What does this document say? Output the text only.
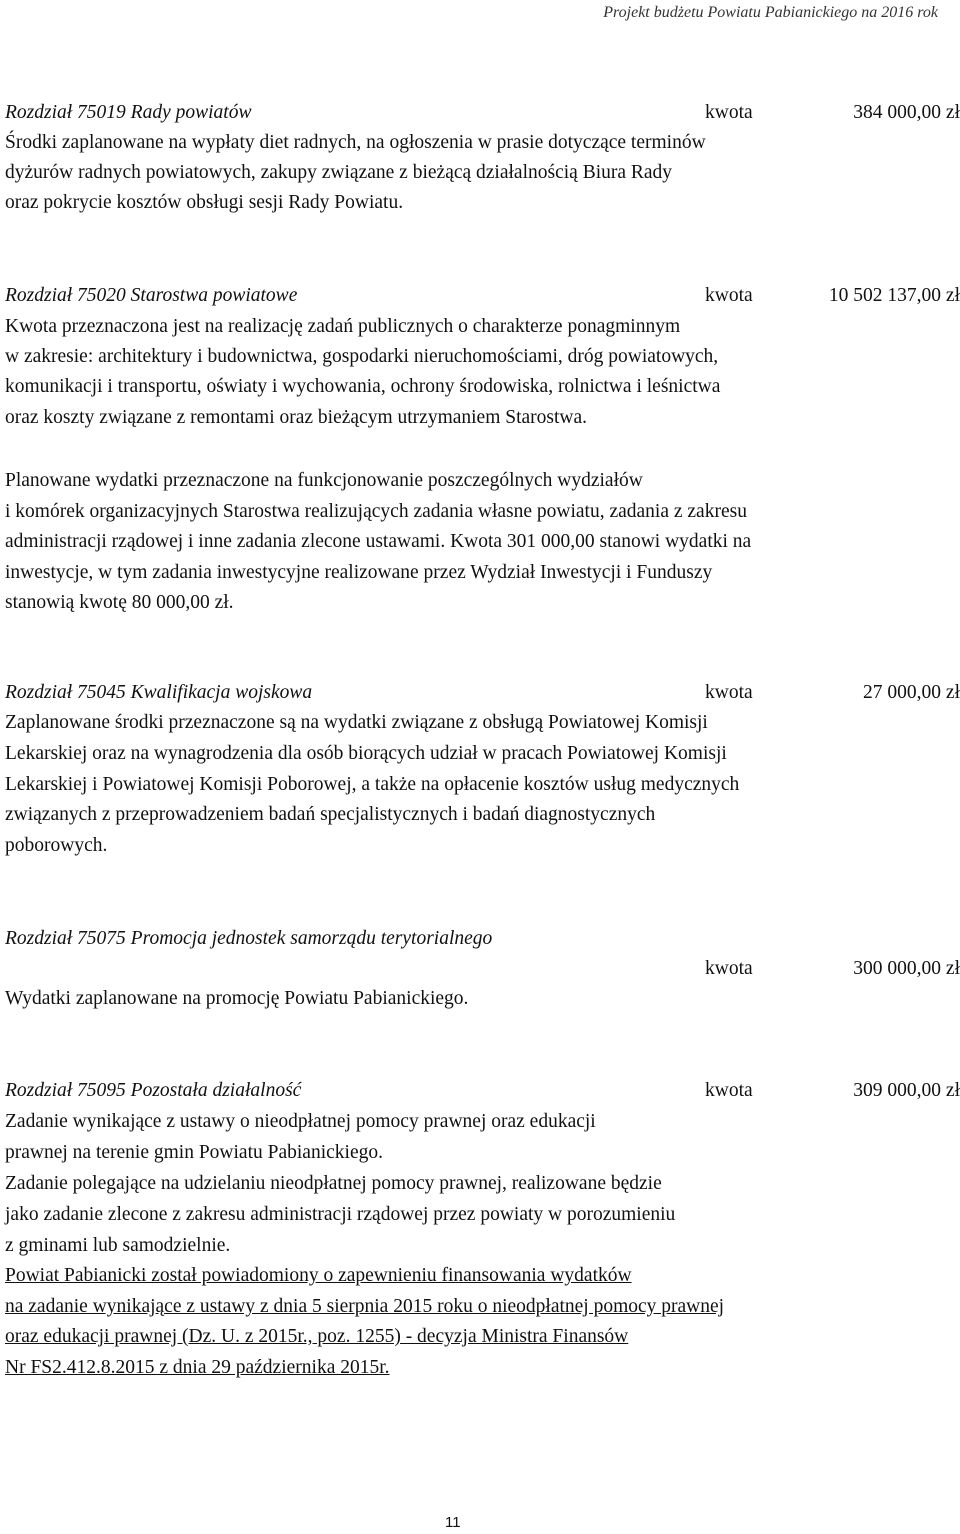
Projekt budżetu Powiatu Pabianickiego na 2016 rok
Rozdział 75019 Rady powiatów	kwota	384 000,00 zł
Środki zaplanowane na wypłaty diet radnych, na ogłoszenia w prasie dotyczące terminów
dyżurów radnych powiatowych, zakupy związane z bieżącą działalnością Biura Rady
oraz pokrycie kosztów obsługi sesji Rady Powiatu.
Rozdział 75020 Starostwa powiatowe	kwota	10 502 137,00 zł
Kwota przeznaczona jest na realizację zadań publicznych o charakterze ponagminnym
w zakresie: architektury i budownictwa, gospodarki nieruchomościami, dróg powiatowych,
komunikacji i transportu, oświaty i wychowania, ochrony środowiska, rolnictwa i leśnictwa
oraz koszty związane z remontami oraz bieżącym utrzymaniem Starostwa.
Planowane wydatki przeznaczone na funkcjonowanie poszczególnych wydziałów
i komórek organizacyjnych Starostwa realizujących zadania własne powiatu, zadania z zakresu
administracji rządowej i inne zadania zlecone ustawami. Kwota 301 000,00 stanowi wydatki na
inwestycje, w tym zadania inwestycyjne realizowane przez Wydział Inwestycji i Funduszy
stanowią kwotę 80 000,00 zł.
Rozdział 75045 Kwalifikacja wojskowa	kwota	27 000,00 zł
Zaplanowane środki przeznaczone są na wydatki związane z obsługą Powiatowej Komisji
Lekarskiej oraz na wynagrodzenia dla osób biorących udział w pracach Powiatowej Komisji
Lekarskiej i Powiatowej Komisji Poborowej, a także na opłacenie kosztów usług medycznych
związanych z przeprowadzeniem badań specjalistycznych i badań diagnostycznych
poborowych.
Rozdział 75075 Promocja jednostek samorządu terytorialnego
kwota	300 000,00 zł
Wydatki zaplanowane na promocję Powiatu Pabianickiego.
Rozdział 75095 Pozostała działalność	kwota	309 000,00 zł
Zadanie wynikające z ustawy o nieodpłatnej pomocy prawnej oraz edukacji
prawnej na terenie gmin Powiatu Pabianickiego.
Zadanie polegające na udzielaniu nieodpłatnej pomocy prawnej, realizowane będzie
jako zadanie zlecone z zakresu administracji rządowej przez powiaty w porozumieniu
z gminami lub samodzielnie.
Powiat Pabianicki został powiadomiony o zapewnieniu finansowania wydatków
na zadanie wynikające z ustawy z dnia 5 sierpnia 2015 roku o nieodpłatnej pomocy prawnej
oraz edukacji prawnej (Dz. U. z 2015r., poz. 1255) - decyzja Ministra Finansów
Nr FS2.412.8.2015 z dnia 29 października 2015r.
11
